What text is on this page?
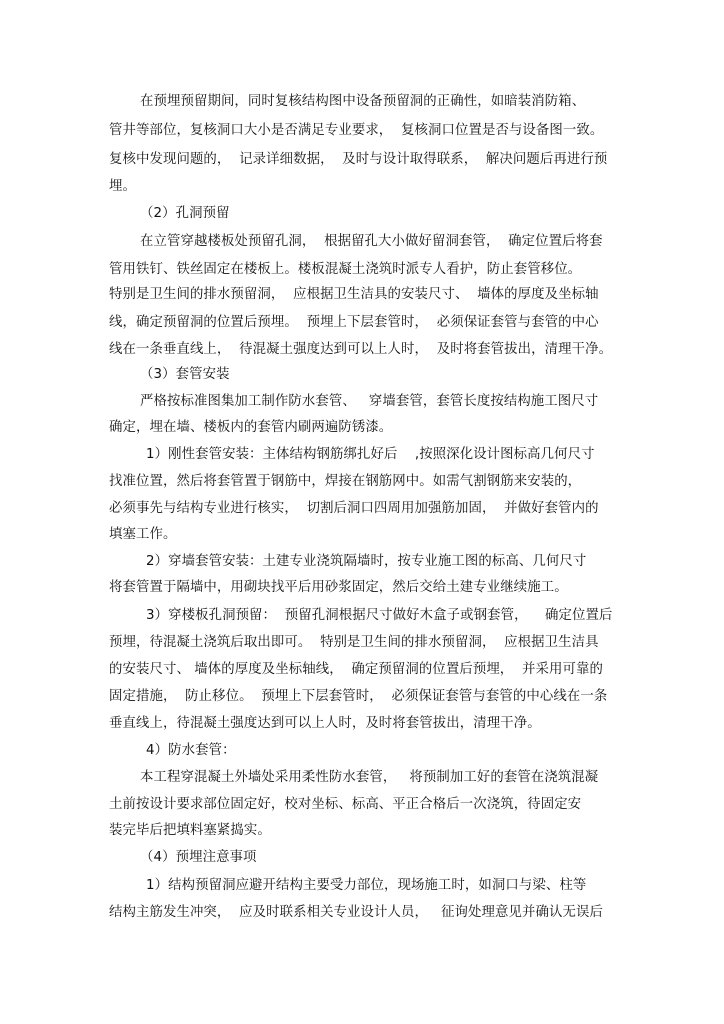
在预埋预留期间，同时复核结构图中设备预留洞的正确性，如暗装消防箱、
管井等部位，复核洞口大小是否满足专业要求，  复核洞口位置是否与设备图一致。
复核中发现问题的，  记录详细数据，  及时与设计取得联系，  解决问题后再进行预
埋。
（2）孔洞预留
在立管穿越楼板处预留孔洞，  根据留孔大小做好留洞套管，  确定位置后将套
管用铁钉、铁丝固定在楼板上。楼板混凝土浇筑时派专人看护，防止套管移位。
特别是卫生间的排水预留洞，  应根据卫生洁具的安装尺寸、  墙体的厚度及坐标轴
线，确定预留洞的位置后预埋。  预埋上下层套管时，  必须保证套管与套管的中心
线在一条垂直线上，  待混凝土强度达到可以上人时，  及时将套管拔出，清理干净。
（3）套管安装
严格按标准图集加工制作防水套管、   穿墙套管，套管长度按结构施工图尺寸
确定，埋在墙、楼板内的套管内刷两遍防锈漆。
1）刚性套管安装：主体结构钢筋绑扎好后    ,按照深化设计图标高几何尺寸
找准位置，然后将套管置于钢筋中，焊接在钢筋网中。如需气割钢筋来安装的，
必须事先与结构专业进行核实，  切割后洞口四周用加强筋加固，  并做好套管内的
填塞工作。
2）穿墙套管安装：土建专业浇筑隔墙时，按专业施工图的标高、几何尺寸
将套管置于隔墙中，用砌块找平后用砂浆固定，然后交给土建专业继续施工。
3）穿楼板孔洞预留：  预留孔洞根据尺寸做好木盒子或钢套管，    确定位置后
预埋，待混凝土浇筑后取出即可。  特别是卫生间的排水预留洞，  应根据卫生洁具
的安装尺寸、 墙体的厚度及坐标轴线，  确定预留洞的位置后预埋，  并采用可靠的
固定措施，  防止移位。  预埋上下层套管时，  必须保证套管与套管的中心线在一条
垂直线上，待混凝土强度达到可以上人时，及时将套管拔出，清理干净。
4）防水套管：
本工程穿混凝土外墙处采用柔性防水套管，   将预制加工好的套管在浇筑混凝
土前按设计要求部位固定好，校对坐标、标高、平正合格后一次浇筑，待固定安
装完毕后把填料塞紧捣实。
（4）预埋注意事项
1）结构预留洞应避开结构主要受力部位，现场施工时，如洞口与梁、柱等
结构主筋发生冲突，  应及时联系相关专业设计人员，   征询处理意见并确认无误后
